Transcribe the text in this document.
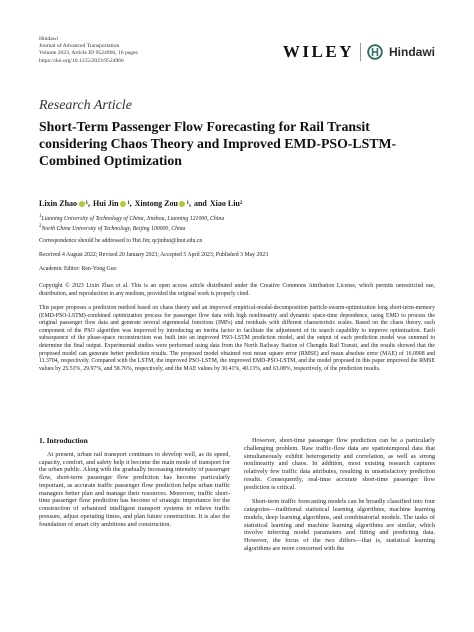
Hindawi
Journal of Advanced Transportation
Volume 2023, Article ID 9524966, 16 pages
https://doi.org/10.1155/2023/9524966	WILEY	Hindawi
Research Article
Short-Term Passenger Flow Forecasting for Rail Transit considering Chaos Theory and Improved EMD-PSO-LSTM-Combined Optimization
Lixin Zhao 1 , Hui Jin 1 , Xintong Zou 1 , and Xiao Liu 2
1Liaoning University of Technology of China, Jinzhou, Liaoning 121000, China
2North China University of Technology, Beijing 100000, China
Correspondence should be addressed to Hui Jin; qcjinhui@lnut.edu.cn
Received 4 August 2022; Revised 20 January 2023; Accepted 5 April 2023; Published 3 May 2023
Academic Editor: Ren-Yong Guo
Copyright © 2023 Lixin Zhao et al. This is an open access article distributed under the Creative Commons Attribution License, which permits unrestricted use, distribution, and reproduction in any medium, provided the original work is properly cited.
This paper proposes a prediction method based on chaos theory and an improved empirical-modal-decomposition particle-swarm-optimization long short-term-memory (EMD-PSO-LSTM)-combined optimization process for passenger flow data with high nonlinearity and dynamic space-time dependence, using EMD to process the original passenger flow data and generate several eigenmodal functions (IMFs) and residuals with different characteristic scales. Based on the chaos theory, each component of the PSO algorithm was improved by introducing an inertia factor to facilitate the adjustment of its search capability to improve optimization. Each subsequence of the phase-space reconstruction was built into an improved PSO-LSTM prediction model, and the output of each prediction model was summed to determine the final output. Experimental studies were performed using data from the North Railway Station of Chengdu Rail Transit, and the results showed that the proposed model can generate better prediction results. The proposed model obtained root mean square error (RMSE) and mean absolute error (MAE) of 16.0908 and 11.3704, respectively. Compared with the LSTM, the improved PSO-LSTM, the improved EMD-PSO-LSTM, and the model proposed in this paper improved the RMSE values by 25.53%, 29.97%, and 58.76%, respectively, and the MAE values by 30.41%, 40.13%, and 63.08%, respectively, of the prediction results.
1. Introduction

At present, urban rail transport continues to develop well, as its speed, capacity, comfort, and safety help it become the main mode of transport for the urban public. Along with the gradually increasing intensity of passenger flow, short-term passenger flow prediction has become particularly important, as accurate traffic passenger flow prediction helps urban traffic managers better plan and manage their resources. Moreover, traffic short-time passenger flow prediction has become of strategic importance for the construction of urbanized intelligent transport systems to relieve traffic pressure, adjust operating times, and plan future construction. It is also the foundation of smart city ambitions and construction.

However, short-time passenger flow prediction can be a particularly challenging problem. Raw traffic-flow data are spatiotemporal data that simultaneously exhibit heterogeneity and correlation, as well as strong nonlinearity and chaos. In addition, most existing research captures relatively few traffic data attributes, resulting in unsatisfactory prediction results. Consequently, real-time accurate short-time passenger flow prediction is critical.

Short-term traffic forecasting models can be broadly classified into four categories—traditional statistical learning algorithms, machine learning models, deep learning algorithms, and combinatorial models. The tasks of statistical learning and machine learning algorithms are similar, which involve inferring model parameters and fitting and predicting data. However, the focus of the two differs—that is, statistical learning algorithms are more concerned with the
